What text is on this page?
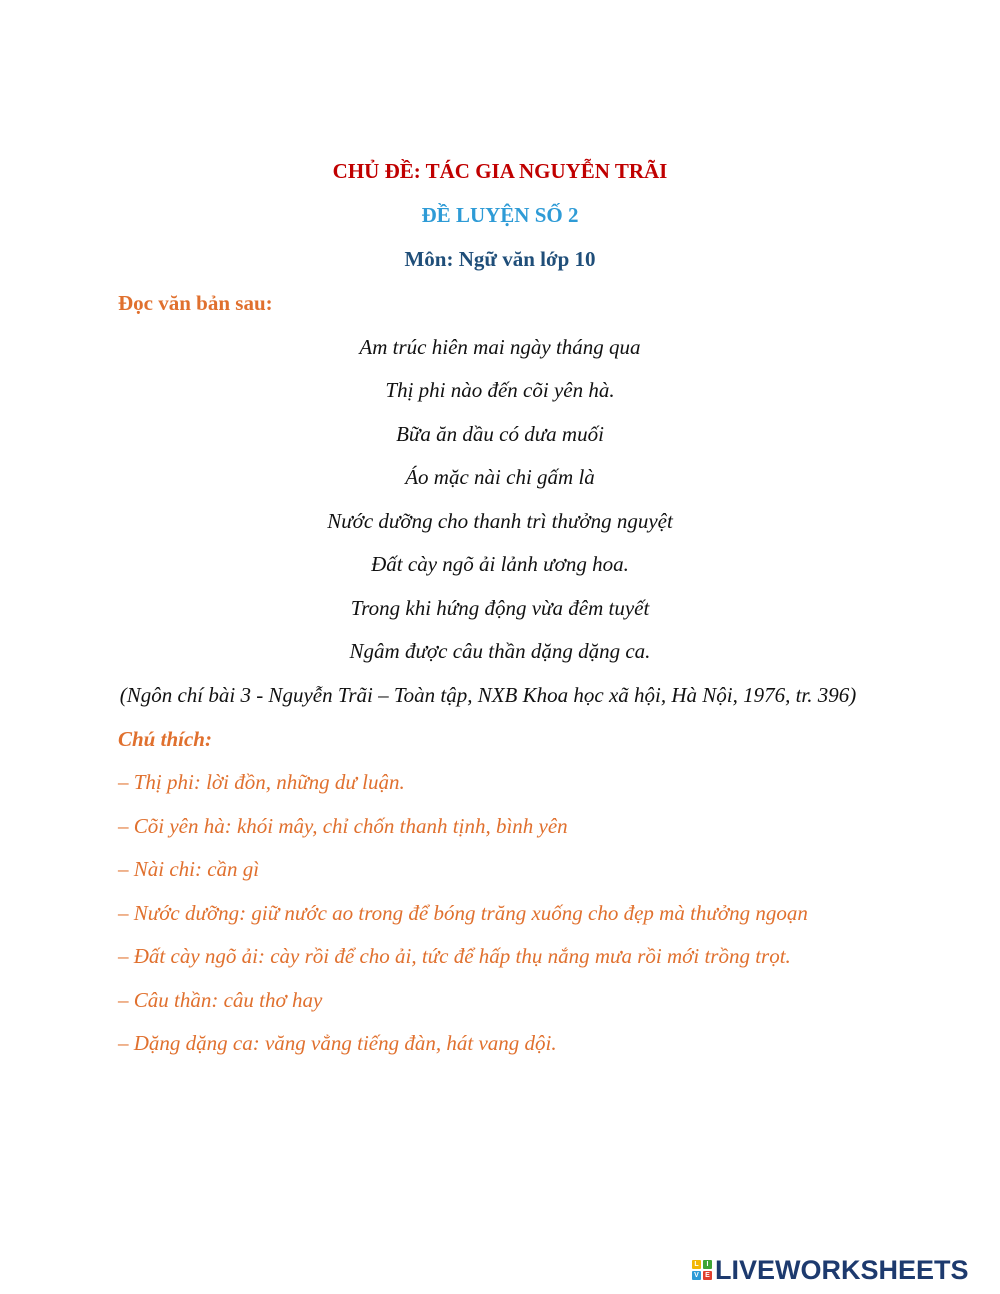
CHỦ ĐỀ: TÁC GIA NGUYỄN TRÃI
ĐỀ LUYỆN SỐ 2
Môn: Ngữ văn lớp 10
Đọc văn bản sau:
Am trúc hiên mai ngày tháng qua
Thị phi nào đến cõi yên hà.
Bữa ăn dầu có dưa muối
Áo mặc nài chi gấm là
Nước dưỡng cho thanh trì thưởng nguyệt
Đất cày ngõ ải lảnh ương hoa.
Trong khi hứng động vừa đêm tuyết
Ngâm được câu thần dặng dặng ca.
(Ngôn chí bài 3 - Nguyễn Trãi – Toàn tập, NXB Khoa học xã hội, Hà Nội, 1976, tr. 396)
Chú thích:
– Thị phi: lời đồn, những dư luận.
– Cõi yên hà: khói mây, chỉ chốn thanh tịnh, bình yên
– Nài chi: cần gì
– Nước dưỡng: giữ nước ao trong để bóng trăng xuống cho đẹp mà thưởng ngoạn
– Đất cày ngõ ải: cày rồi để cho ải, tức để hấp thụ nắng mưa rồi mới trồng trọt.
– Câu thần: câu thơ hay
– Dặng dặng ca: văng vẳng tiếng đàn, hát vang dội.
L	I
V E LIVEWORKSHEETS
